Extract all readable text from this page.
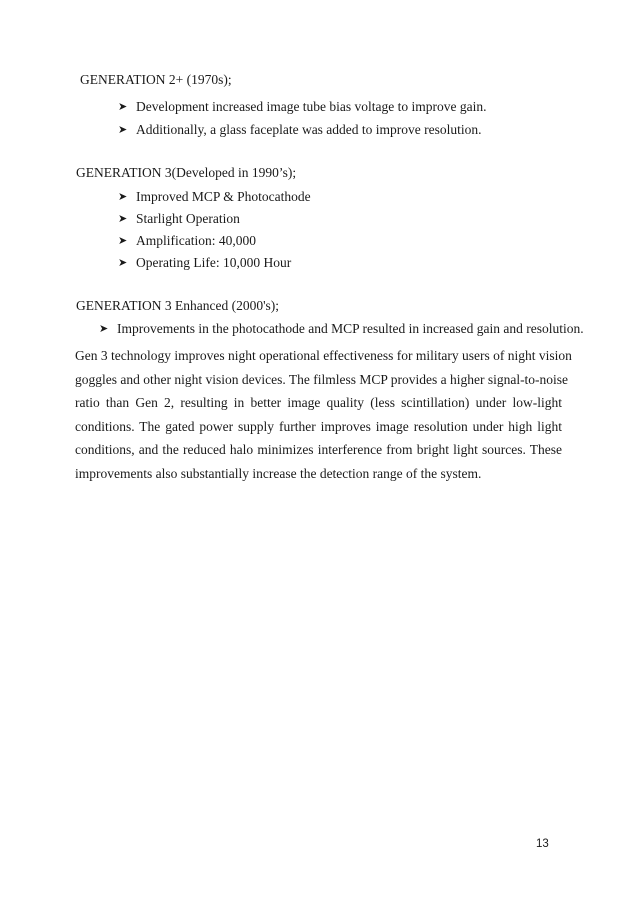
GENERATION 2+ (1970s);
➤ Development increased image tube bias voltage to improve gain.
➤ Additionally, a glass faceplate was added to improve resolution.
GENERATION 3(Developed in 1990’s);
➤ Improved MCP & Photocathode
➤ Starlight Operation
➤ Amplification: 40,000
➤ Operating Life: 10,000 Hour
GENERATION 3 Enhanced (2000's);
➤ Improvements in the photocathode and MCP resulted in increased gain and resolution.
Gen 3 technology improves night operational effectiveness for military users of night vision
goggles and other night vision devices. The filmless MCP provides a higher signal-to-noise
ratio than Gen 2, resulting in better image quality (less scintillation) under low-light
conditions. The gated power supply further improves image resolution under high light
conditions, and the reduced halo minimizes interference from bright light sources. These
improvements also substantially increase the detection range of the system.
13
